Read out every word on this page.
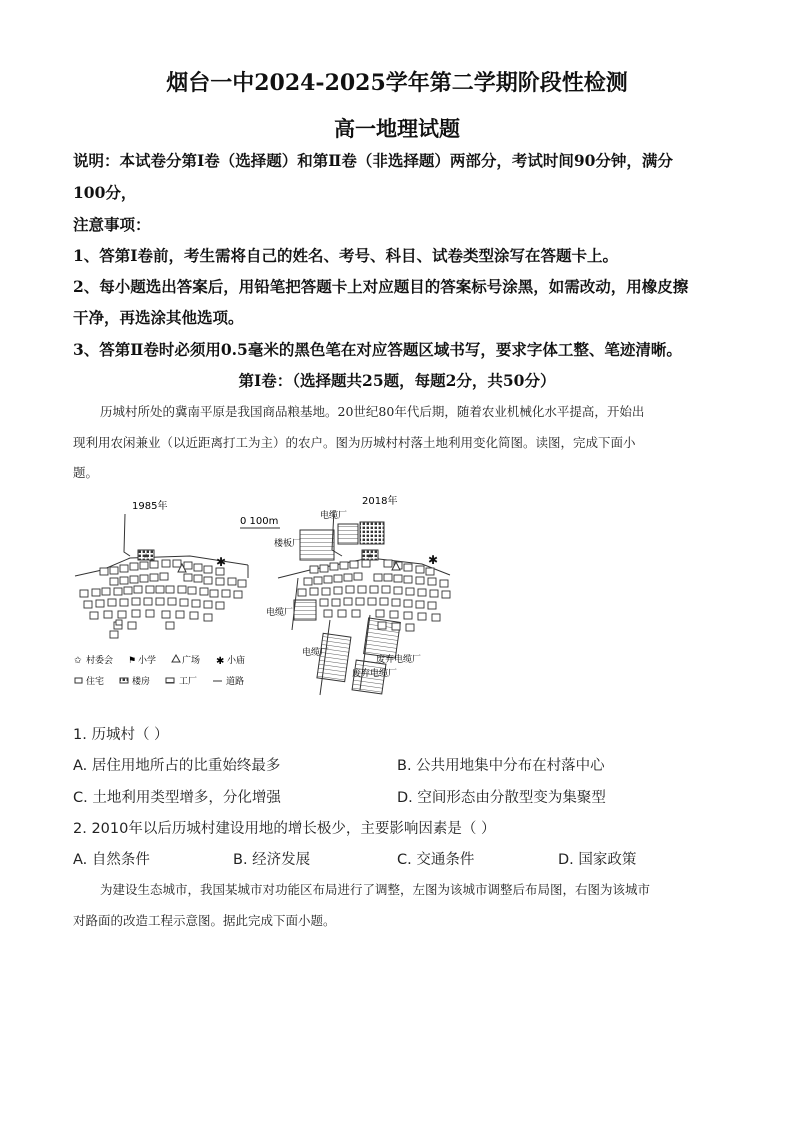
烟台一中2024-2025学年第二学期阶段性检测
高一地理试题
说明：本试卷分第Ⅰ卷（选择题）和第Ⅱ卷（非选择题）两部分，考试时间90分钟，满分
100分，
注意事项：
1、答第Ⅰ卷前，考生需将自己的姓名、考号、科目、试卷类型涂写在答题卡上。
2、每小题选出答案后，用铅笔把答题卡上对应题目的答案标号涂黑，如需改动，用橡皮擦
干净，再选涂其他选项。
3、答第Ⅱ卷时必须用0.5毫米的黑色笔在对应答题区域书写，要求字体工整、笔迹清晰。
第Ⅰ卷：（选择题共25题，每题2分，共50分）
历城村所处的冀南平原是我国商品粮基地。20世纪80年代后期，随着农业机械化水平提高，开始出
现利用农闲兼业（以近距离打工为主）的农户。图为历城村村落土地利用变化简图。读图，完成下面小
题。
1985年
★	✱
0 100m
2018年
★	✱
电缆厂
楼板厂
电缆厂
电缆厂
废弃电缆厂
废弃电缆厂
✩ 村委会 ⚑ 小学	广场 ✱ 小庙
住宅	楼房	工厂	道路
1. 历城村（ ）
A. 居住用地所占的比重始终最多	B. 公共用地集中分布在村落中心
C. 土地利用类型增多，分化增强	D. 空间形态由分散型变为集聚型
2. 2010年以后历城村建设用地的增长极少，主要影响因素是（ ）
A. 自然条件	B. 经济发展	C. 交通条件	D. 国家政策
为建设生态城市，我国某城市对功能区布局进行了调整，左图为该城市调整后布局图，右图为该城市
对路面的改造工程示意图。据此完成下面小题。
